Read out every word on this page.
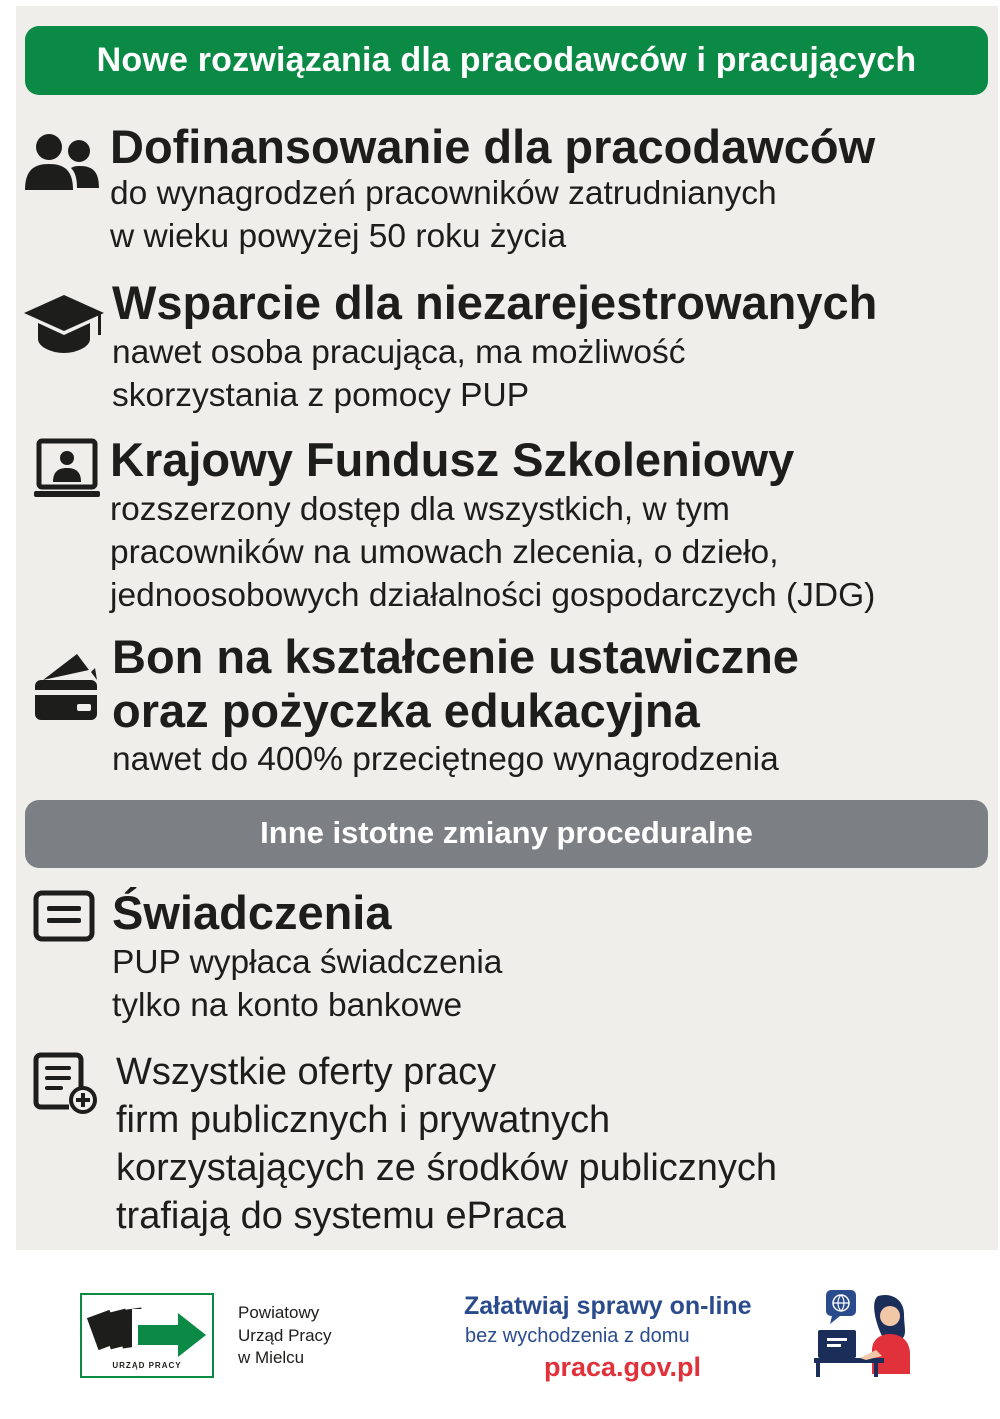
Nowe rozwiązania dla pracodawców i pracujących
Dofinansowanie dla pracodawców
do wynagrodzeń pracowników zatrudnianych
w wieku powyżej 50 roku życia
Wsparcie dla niezarejestrowanych
nawet osoba pracująca, ma możliwość
skorzystania z pomocy PUP
Krajowy Fundusz Szkoleniowy
rozszerzony dostęp dla wszystkich, w tym
pracowników na umowach zlecenia, o dzieło,
jednoosobowych działalności gospodarczych (JDG)
Bon na kształcenie ustawiczne
oraz pożyczka edukacyjna
nawet do 400% przeciętnego wynagrodzenia
Inne istotne zmiany proceduralne
Świadczenia
PUP wypłaca świadczenia
tylko na konto bankowe
Wszystkie oferty pracy
firm publicznych i prywatnych
korzystających ze środków publicznych
trafiają do systemu ePraca
URZĄD PRACY
Powiatowy
Urząd Pracy
w Mielcu
Załatwiaj sprawy on-line
bez wychodzenia z domu
praca.gov.pl
